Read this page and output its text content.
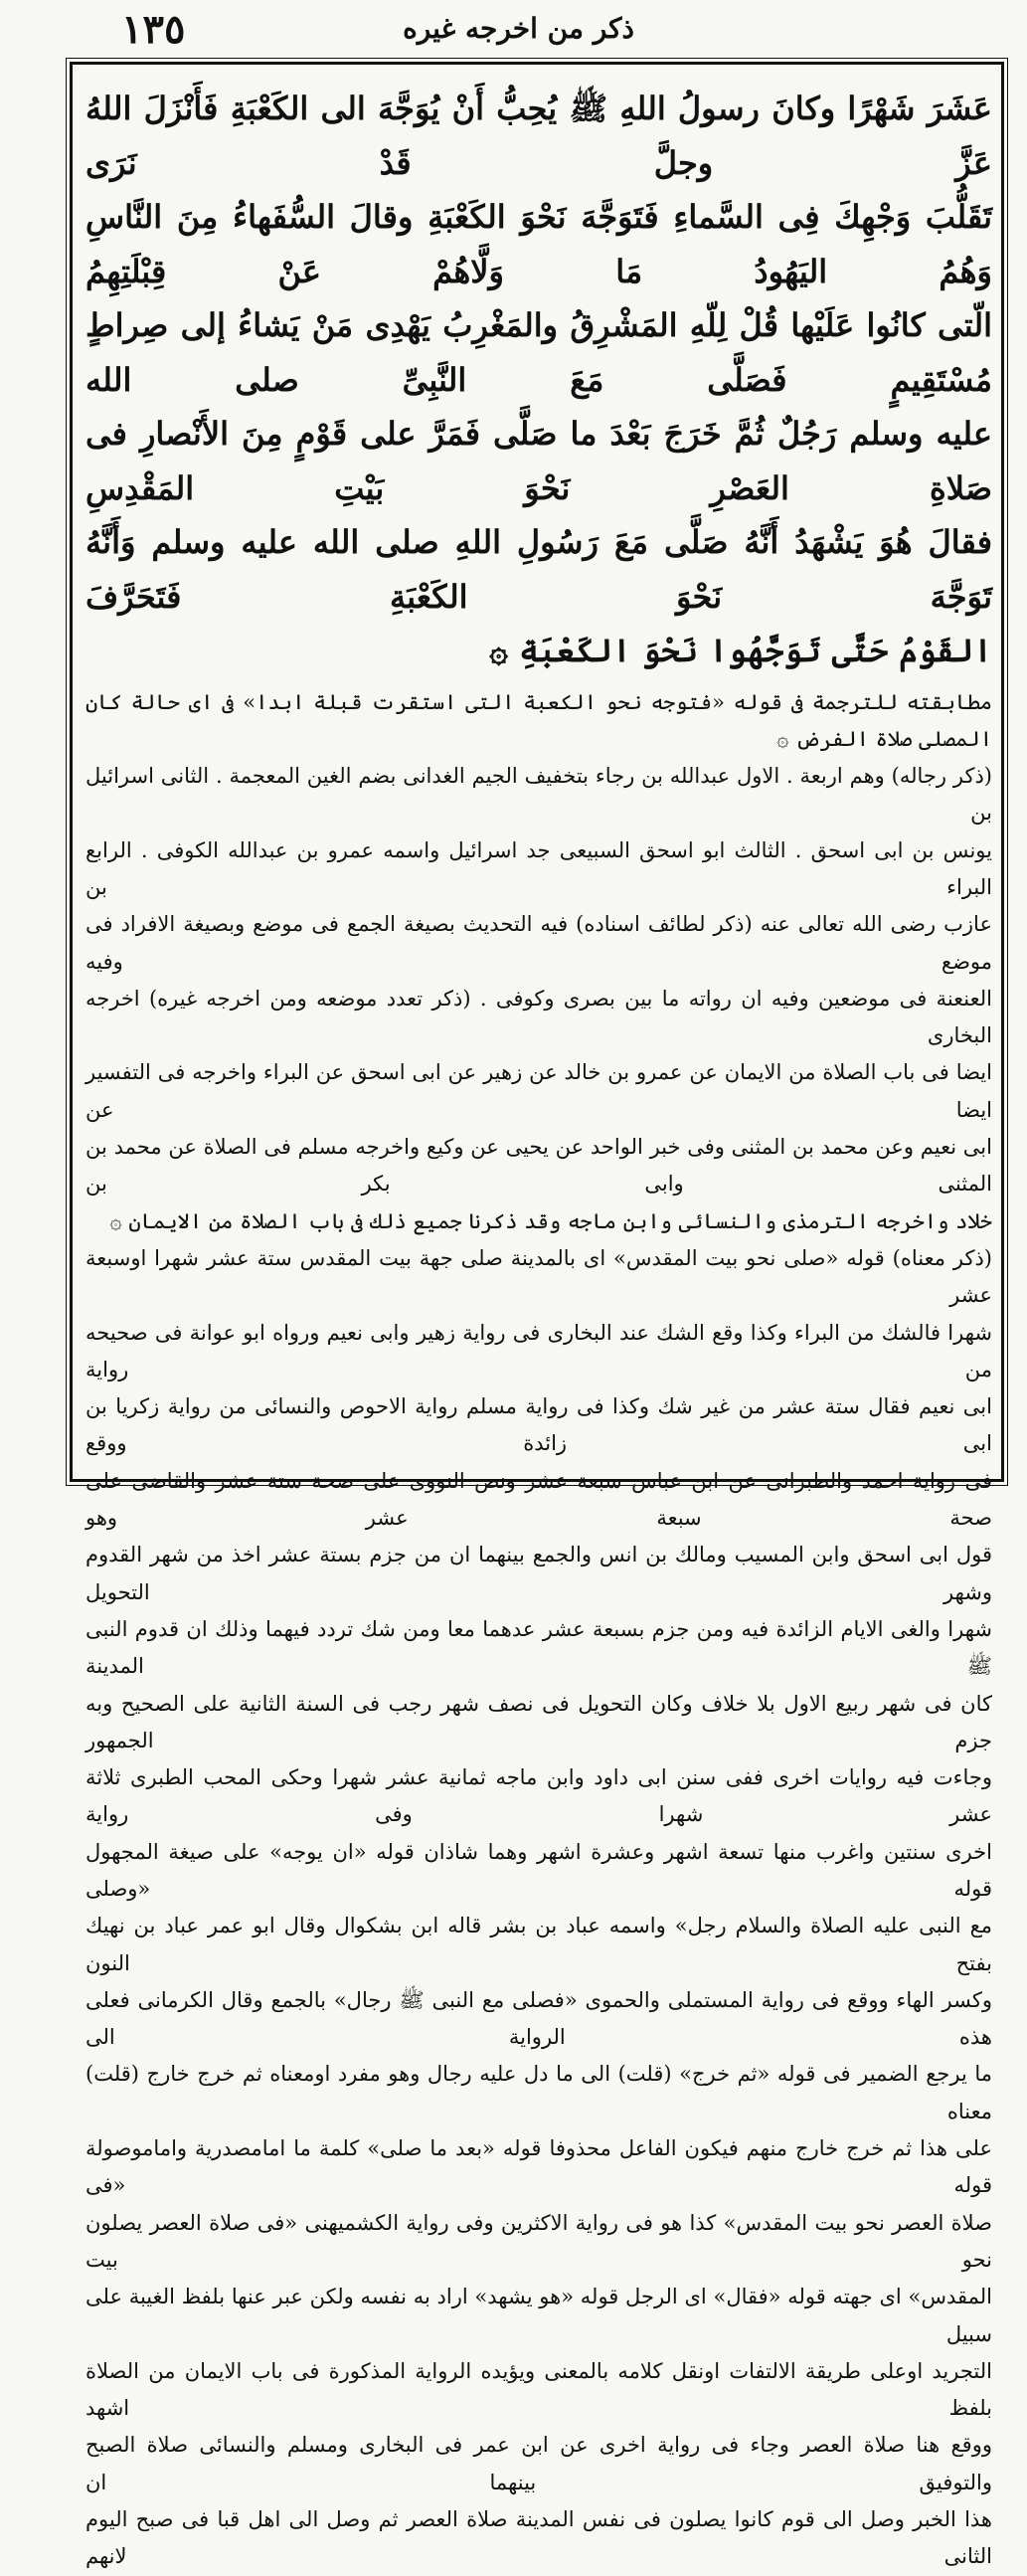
١٣٥	ذكر من اخرجه غيره

عَشَرَ شَهْرًا وكانَ رسولُ اللهِ ﷺ يُحِبُّ أَنْ يُوَجَّهَ الى الكَعْبَةِ فَأَنْزَلَ اللهُ عَزَّ وجلَّ قَدْ نَرَى

تَقَلُّبَ وَجْهِكَ فِى السَّماءِ فَتَوَجَّهَ نَحْوَ الكَعْبَةِ وقالَ السُّفَهاءُ مِنَ النَّاسِ وَهُمُ اليَهُودُ مَا وَلَّاهُمْ عَنْ قِبْلَتِهِمُ

الّتى كانُوا عَلَيْها قُلْ لِلّهِ المَشْرِقُ والمَغْرِبُ يَهْدِى مَنْ يَشاءُ إلى صِراطٍ مُسْتَقِيمٍ فَصَلَّى مَعَ النَّبِىِّ صلى الله

عليه وسلم رَجُلٌ ثُمَّ خَرَجَ بَعْدَ ما صَلَّى فَمَرَّ على قَوْمٍ مِنَ الأَنْصارِ فى صَلاةِ العَصْرِ نَحْوَ بَيْتِ المَقْدِسِ

فقالَ هُوَ يَشْهَدُ أَنَّهُ صَلَّى مَعَ رَسُولِ اللهِ صلى الله عليه وسلم وَأَنَّهُ تَوَجَّهَ نَحْوَ الكَعْبَةِ فَتَحَرَّفَ

القَوْمُ حَتَّى تَوَجَّهُوا نَحْوَ الكَعْبَةِ ۞

مطابقته للترجمة فى قوله «فتوجه نحو الكعبة التى استقرت قبلة ابدا» فى اى حالة كان المصلى صلاة الفرض ۞

(ذكر رجاله) وهم اربعة . الاول عبدالله بن رجاء بتخفيف الجيم الغدانى بضم الغين المعجمة . الثانى اسرائيل بن

يونس بن ابى اسحق . الثالث ابو اسحق السبيعى جد اسرائيل واسمه عمرو بن عبدالله الكوفى . الرابع البراء بن

عازب رضى الله تعالى عنه (ذكر لطائف اسناده) فيه التحديث بصيغة الجمع فى موضع وبصيغة الافراد فى موضع وفيه

العنعنة فى موضعين وفيه ان رواته ما بين بصرى وكوفى . (ذكر تعدد موضعه ومن اخرجه غيره) اخرجه البخارى

ايضا فى باب الصلاة من الايمان عن عمرو بن خالد عن زهير عن ابى اسحق عن البراء واخرجه فى التفسير ايضا عن

ابى نعيم وعن محمد بن المثنى وفى خبر الواحد عن يحيى عن وكيع واخرجه مسلم فى الصلاة عن محمد بن المثنى وابى بكر بن

خلاد واخرجه الترمذى والنسائى وابن ماجه وقد ذكرنا جميع ذلك فى باب الصلاة من الايمان ۞

(ذكر معناه) قوله «صلى نحو بيت المقدس» اى بالمدينة صلى جهة بيت المقدس ستة عشر شهرا اوسبعة عشر

شهرا فالشك من البراء وكذا وقع الشك عند البخارى فى رواية زهير وابى نعيم ورواه ابو عوانة فى صحيحه من رواية

ابى نعيم فقال ستة عشر من غير شك وكذا فى رواية مسلم رواية الاحوص والنسائى من رواية زكريا بن ابى زائدة ووقع

فى رواية احمد والطبرانى عن ابن عباس سبعة عشر ونص النووى على صحة ستة عشر والقاضى على صحة سبعة عشر وهو

قول ابى اسحق وابن المسيب ومالك بن انس والجمع بينهما ان من جزم بستة عشر اخذ من شهر القدوم وشهر التحويل

شهرا والغى الايام الزائدة فيه ومن جزم بسبعة عشر عدهما معا ومن شك تردد فيهما وذلك ان قدوم النبى ﷺ المدينة

كان فى شهر ربيع الاول بلا خلاف وكان التحويل فى نصف شهر رجب فى السنة الثانية على الصحيح وبه جزم الجمهور

وجاءت فيه روايات اخرى ففى سنن ابى داود وابن ماجه ثمانية عشر شهرا وحكى المحب الطبرى ثلاثة عشر شهرا وفى رواية

اخرى سنتين واغرب منها تسعة اشهر وعشرة اشهر وهما شاذان قوله «ان يوجه» على صيغة المجهول قوله «وصلى

مع النبى عليه الصلاة والسلام رجل» واسمه عباد بن بشر قاله ابن بشكوال وقال ابو عمر عباد بن نهيك بفتح النون

وكسر الهاء ووقع فى رواية المستملى والحموى «فصلى مع النبى ﷺ رجال» بالجمع وقال الكرمانى فعلى هذه الرواية الى

ما يرجع الضمير فى قوله «ثم خرج» (قلت) الى ما دل عليه رجال وهو مفرد اومعناه ثم خرج خارج (قلت) معناه

على هذا ثم خرج خارج منهم فيكون الفاعل محذوفا قوله «بعد ما صلى» كلمة ما امامصدرية واماموصولة قوله «فى

صلاة العصر نحو بيت المقدس» كذا هو فى رواية الاكثرين وفى رواية الكشميهنى «فى صلاة العصر يصلون نحو بيت

المقدس» اى جهته قوله «فقال» اى الرجل قوله «هو يشهد» اراد به نفسه ولكن عبر عنها بلفظ الغيبة على سبيل

التجريد اوعلى طريقة الالتفات اونقل كلامه بالمعنى ويؤيده الرواية المذكورة فى باب الايمان من الصلاة بلفظ اشهد

ووقع هنا صلاة العصر وجاء فى رواية اخرى عن ابن عمر فى البخارى ومسلم والنسائى صلاة الصبح والتوفيق بينهما ان

هذا الخبر وصل الى قوم كانوا يصلون فى نفس المدينة صلاة العصر ثم وصل الى اهل قبا فى صبح اليوم الثانى لانهم
